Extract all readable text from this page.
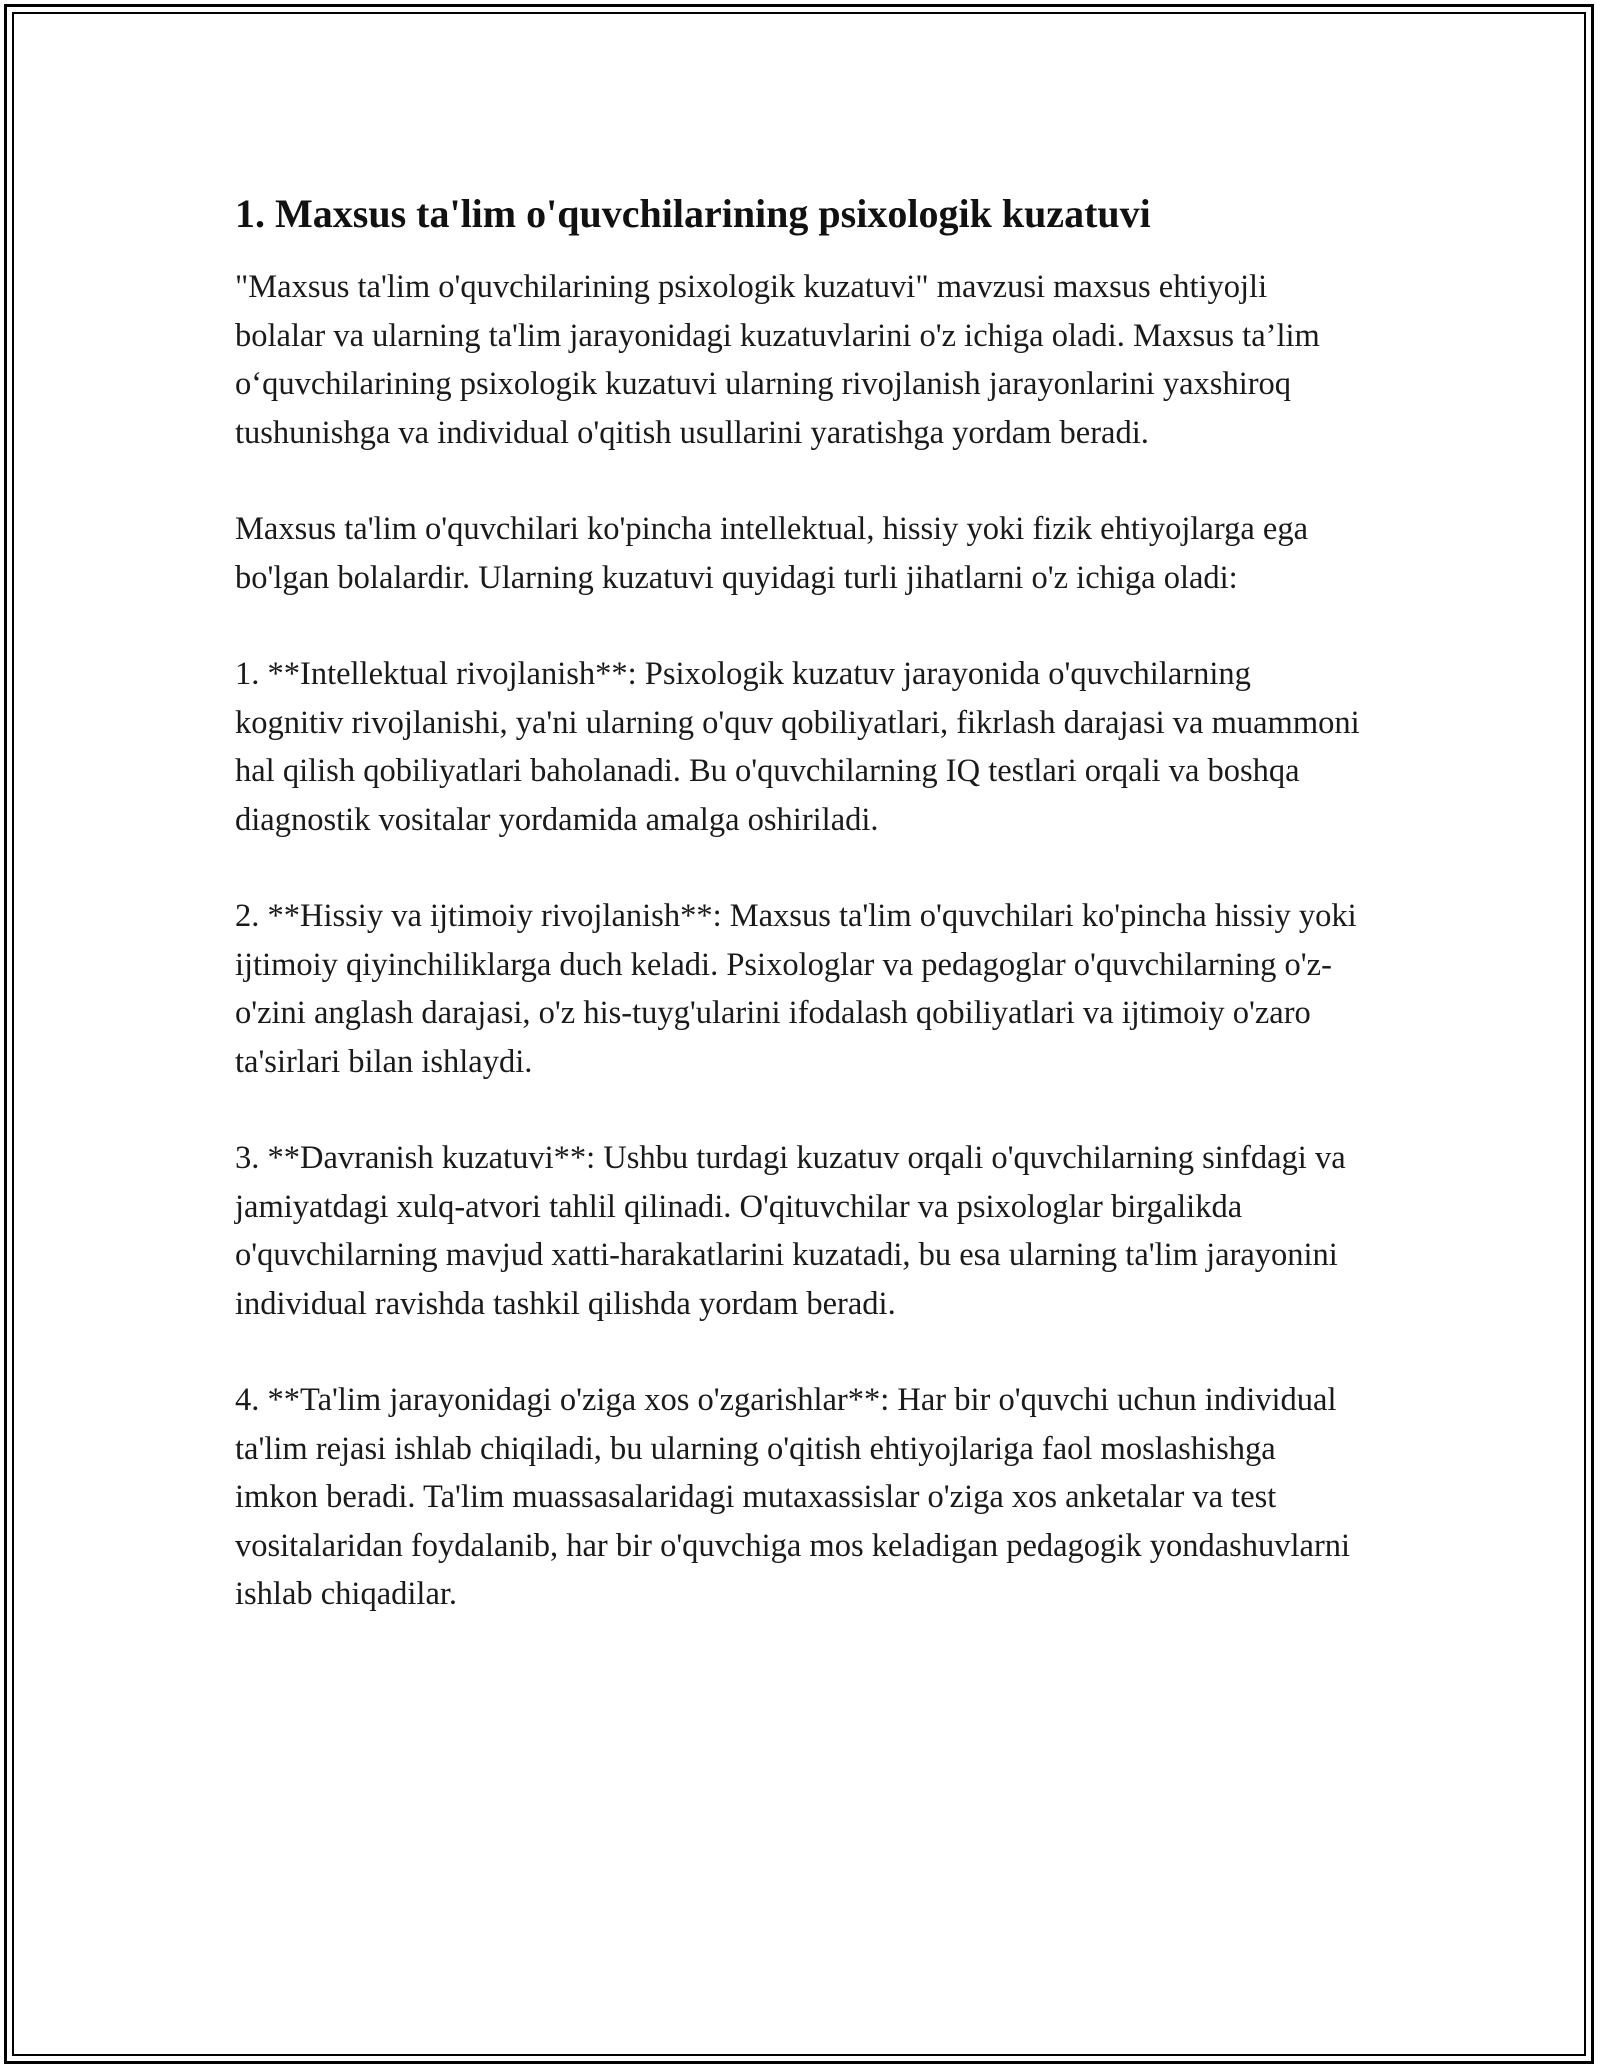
1. Maxsus ta'lim o'quvchilarining psixologik kuzatuvi

"Maxsus ta'lim o'quvchilarining psixologik kuzatuvi" mavzusi maxsus ehtiyojli bolalar va ularning ta'lim jarayonidagi kuzatuvlarini o'z ichiga oladi. Maxsus ta’lim o‘quvchilarining psixologik kuzatuvi ularning rivojlanish jarayonlarini yaxshiroq tushunishga va individual o'qitish usullarini yaratishga yordam beradi.

Maxsus ta'lim o'quvchilari ko'pincha intellektual, hissiy yoki fizik ehtiyojlarga ega bo'lgan bolalardir. Ularning kuzatuvi quyidagi turli jihatlarni o'z ichiga oladi:

1. **Intellektual rivojlanish**: Psixologik kuzatuv jarayonida o'quvchilarning kognitiv rivojlanishi, ya'ni ularning o'quv qobiliyatlari, fikrlash darajasi va muammoni hal qilish qobiliyatlari baholanadi. Bu o'quvchilarning IQ testlari orqali va boshqa diagnostik vositalar yordamida amalga oshiriladi.

2. **Hissiy va ijtimoiy rivojlanish**: Maxsus ta'lim o'quvchilari ko'pincha hissiy yoki ijtimoiy qiyinchiliklarga duch keladi. Psixologlar va pedagoglar o'quvchilarning o'z-o'zini anglash darajasi, o'z his-tuyg'ularini ifodalash qobiliyatlari va ijtimoiy o'zaro ta'sirlari bilan ishlaydi.

3. **Davranish kuzatuvi**: Ushbu turdagi kuzatuv orqali o'quvchilarning sinfdagi va jamiyatdagi xulq-atvori tahlil qilinadi. O'qituvchilar va psixologlar birgalikda o'quvchilarning mavjud xatti-harakatlarini kuzatadi, bu esa ularning ta'lim jarayonini individual ravishda tashkil qilishda yordam beradi.

4. **Ta'lim jarayonidagi o'ziga xos o'zgarishlar**: Har bir o'quvchi uchun individual ta'lim rejasi ishlab chiqiladi, bu ularning o'qitish ehtiyojlariga faol moslashishga imkon beradi. Ta'lim muassasalaridagi mutaxassislar o'ziga xos anketalar va test vositalaridan foydalanib, har bir o'quvchiga mos keladigan pedagogik yondashuvlarni ishlab chiqadilar.
